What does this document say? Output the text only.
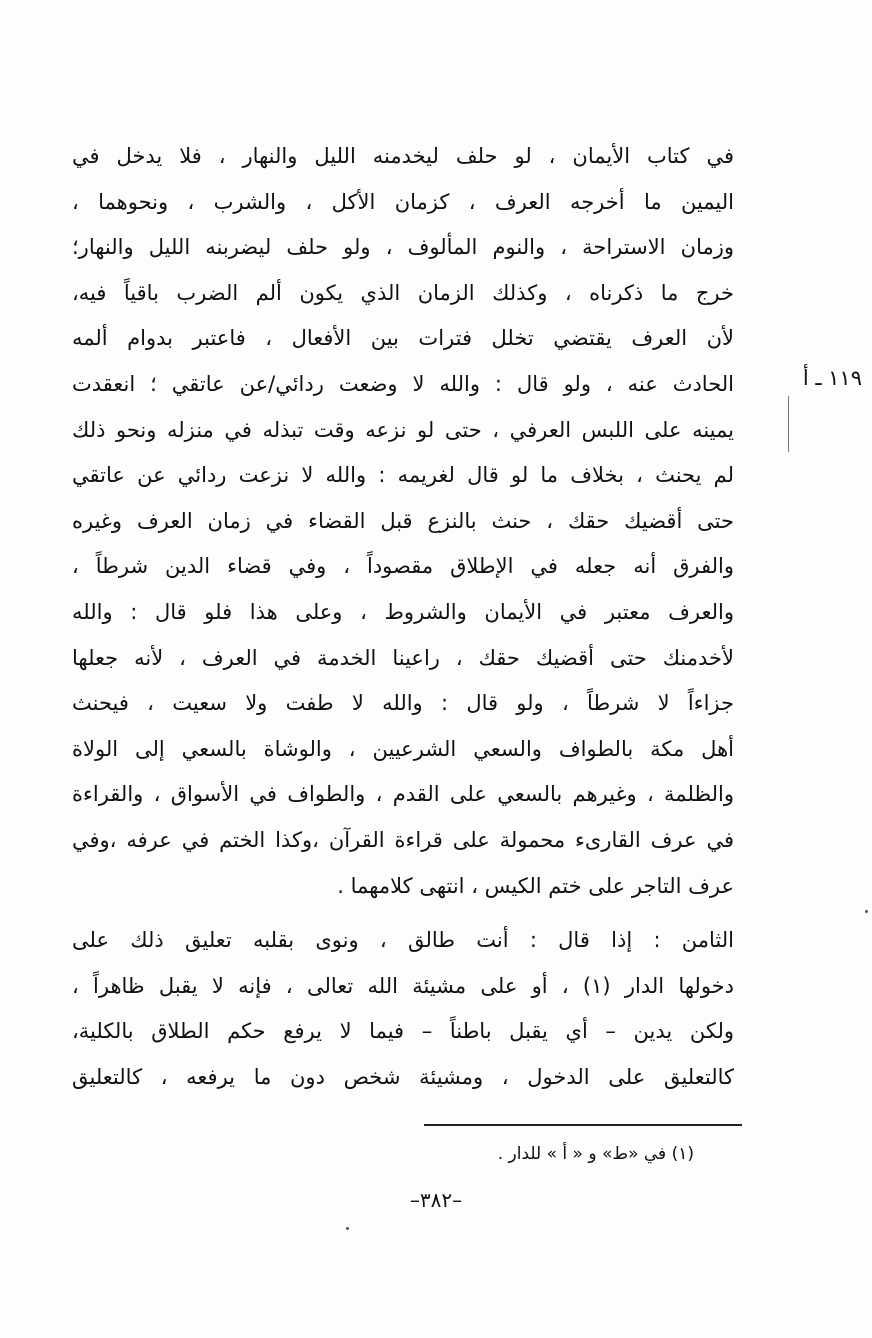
في كتاب الأيمان ، لو حلف ليخدمنه الليل والنهار ، فلا يدخل في
اليمين ما أخرجه العرف ، كزمان الأكل ، والشرب ، ونحوهما ،
وزمان الاستراحة ، والنوم المألوف ، ولو حلف ليضربنه الليل والنهار؛
خرج ما ذكرناه ، وكذلك الزمان الذي يكون ألم الضرب باقياً فيه،
لأن العرف يقتضي تخلل فترات بين الأفعال ، فاعتبر بدوام ألمه
الحادث عنه ، ولو قال : والله لا وضعت ردائي/عن عاتقي ؛ انعقدت
يمينه على اللبس العرفي ، حتى لو نزعه وقت تبذله في منزله ونحو ذلك
لم يحنث ، بخلاف ما لو قال لغريمه : والله لا نزعت ردائي عن عاتقي
حتى أقضيك حقك ، حنث بالنزع قبل القضاء في زمان العرف وغيره
والفرق أنه جعله في الإطلاق مقصوداً ، وفي قضاء الدين شرطاً ،
والعرف معتبر في الأيمان والشروط ، وعلى هذا فلو قال : والله
لأخدمنك حتى أقضيك حقك ، راعينا الخدمة في العرف ، لأنه جعلها
جزاءاً لا شرطاً ، ولو قال : والله لا طفت ولا سعيت ، فيحنث
أهل مكة بالطواف والسعي الشرعيين ، والوشاة بالسعي إلى الولاة
والظلمة ، وغيرهم بالسعي على القدم ، والطواف في الأسواق ، والقراءة
في عرف القارىء محمولة على قراءة القرآن ،وكذا الختم في عرفه ،وفي
عرف التاجر على ختم الكيس ، انتهى كلامهما .
الثامن : إذا قال : أنت طالق ، ونوى بقلبه تعليق ذلك على
دخولها الدار (١) ، أو على مشيئة الله تعالى ، فإنه لا يقبل ظاهراً ،
ولكن يدين – أي يقبل باطناً – فيما لا يرفع حكم الطلاق بالكلية،
كالتعليق على الدخول ، ومشيئة شخص دون ما يرفعه ، كالتعليق
١١٩ ـ أ
(١) في «ط» و « أ » للدار .
–٣٨٢–
